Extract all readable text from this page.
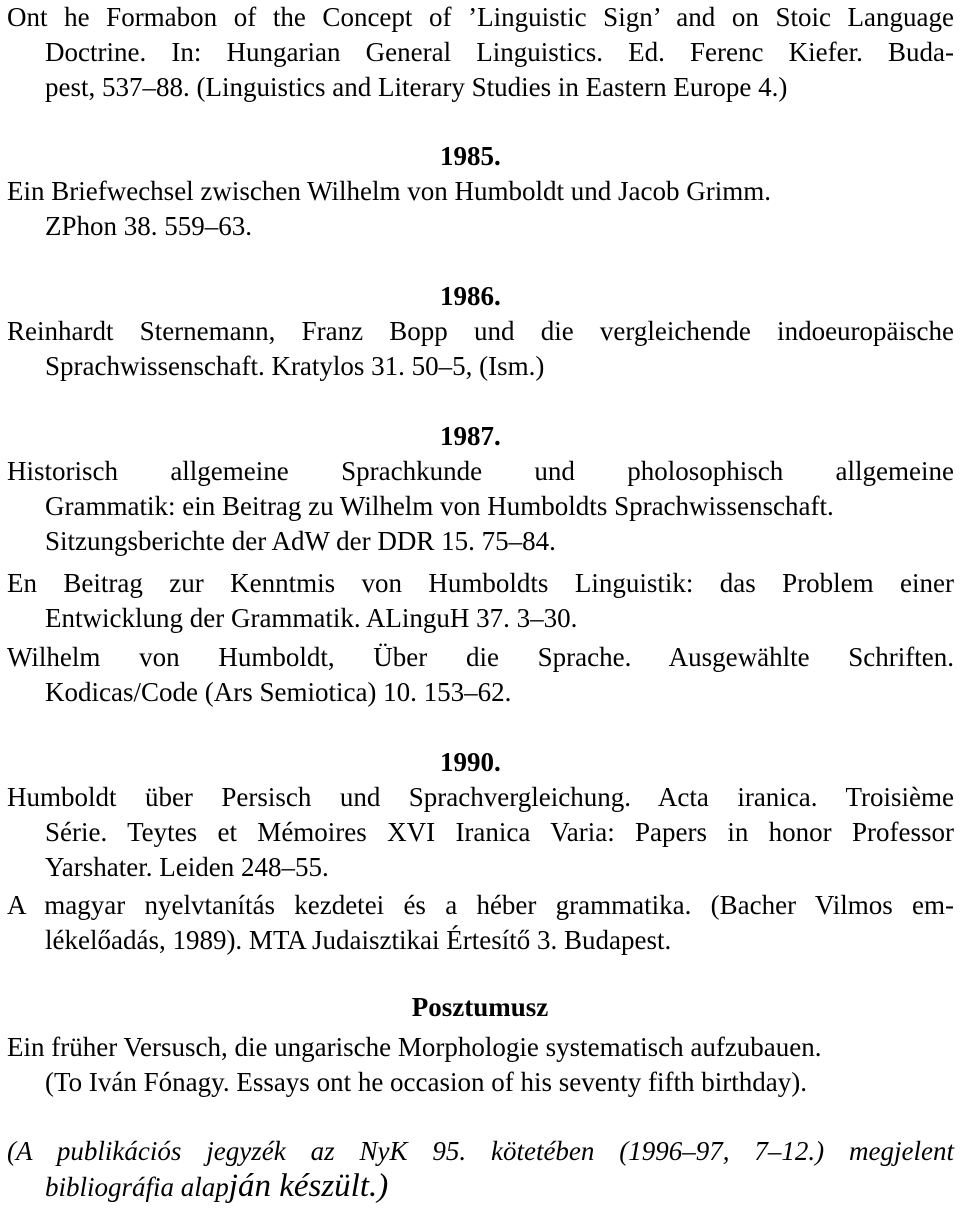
Ont he Formabon of the Concept of ’Linguistic Sign’ and on Stoic Language
Doctrine. In: Hungarian General Linguistics. Ed. Ferenc Kiefer. Buda-
pest, 537–88. (Linguistics and Literary Studies in Eastern Europe 4.)
1985.
Ein Briefwechsel zwischen Wilhelm von Humboldt und Jacob Grimm.
ZPhon 38. 559–63.
1986.
Reinhardt Sternemann, Franz Bopp und die vergleichende indoeuropäische
Sprachwissenschaft. Kratylos 31. 50–5, (Ism.)
1987.
Historisch allgemeine Sprachkunde und pholosophisch allgemeine
Grammatik: ein Beitrag zu Wilhelm von Humboldts Sprachwissenschaft.
Sitzungsberichte der AdW der DDR 15. 75–84.
En Beitrag zur Kenntmis von Humboldts Linguistik: das Problem einer
Entwicklung der Grammatik. ALinguH 37. 3–30.
Wilhelm von Humboldt, Über die Sprache. Ausgewählte Schriften.
Kodicas/Code (Ars Semiotica) 10. 153–62.
1990.
Humboldt über Persisch und Sprachvergleichung. Acta iranica. Troisième
Série. Teytes et Mémoires XVI Iranica Varia: Papers in honor Professor
Yarshater. Leiden 248–55.
A magyar nyelvtanítás kezdetei és a héber grammatika. (Bacher Vilmos em-
lékelőadás, 1989). MTA Judaisztikai Értesítő 3. Budapest.
Posztumusz
Ein früher Versusch, die ungarische Morphologie systematisch aufzubauen.
(To Iván Fónagy. Essays ont he occasion of his seventy fifth birthday).
(A publikációs jegyzék az NyK 95. kötetében (1996–97, 7–12.) megjelent
bibliográfia alapján készült.)
